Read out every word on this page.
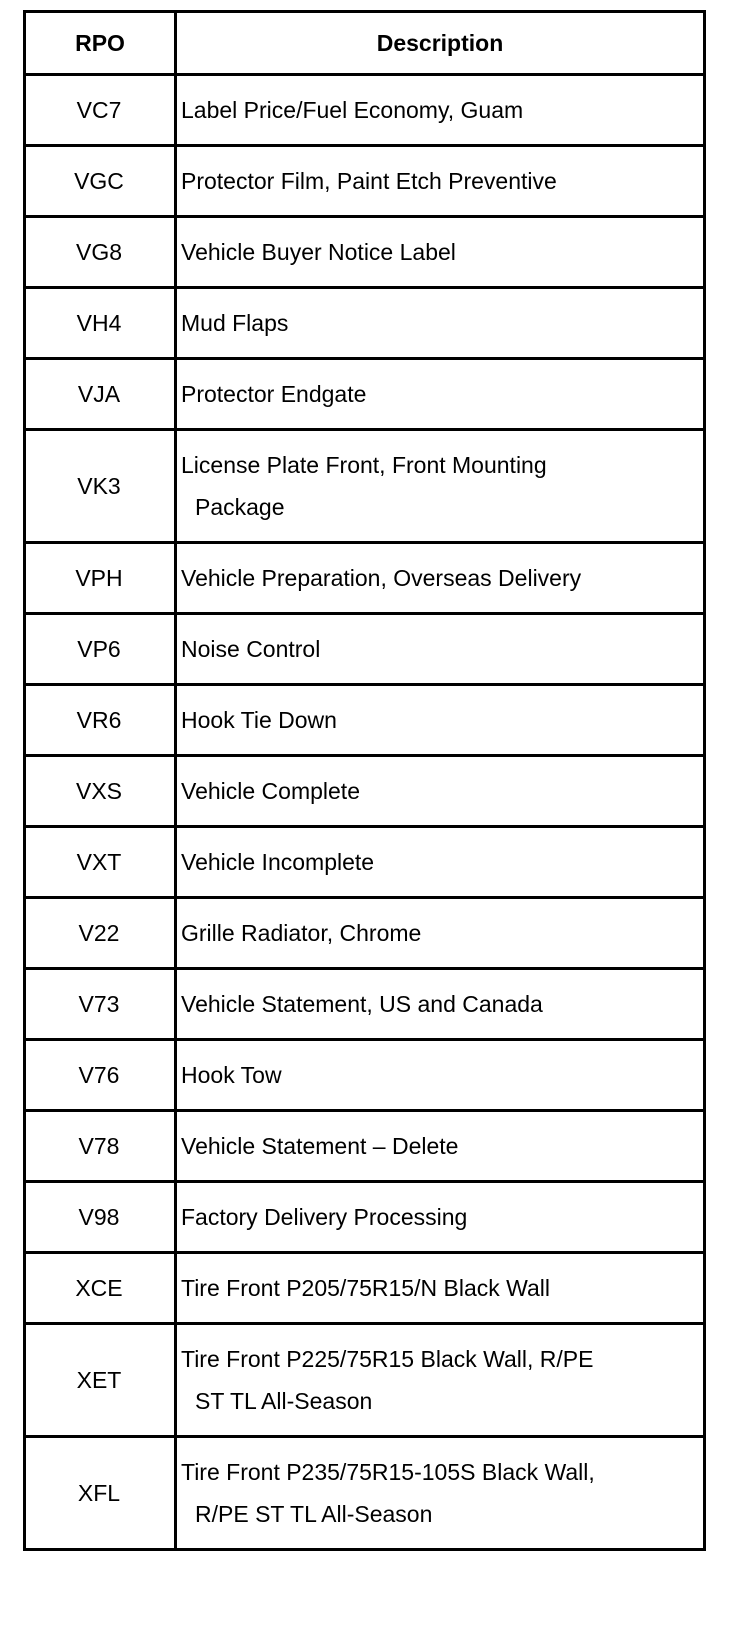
RPO	Description
VC7	Label Price/Fuel Economy, Guam

VGC	Protector Film, Paint Etch Preventive

VG8	Vehicle Buyer Notice Label

VH4	Mud Flaps

VJA	Protector Endgate

VK3	License Plate Front, Front Mounting
Package

VPH	Vehicle Preparation, Overseas Delivery

VP6	Noise Control

VR6	Hook Tie Down

VXS	Vehicle Complete

VXT	Vehicle Incomplete

V22	Grille Radiator, Chrome

V73	Vehicle Statement, US and Canada

V76	Hook Tow

V78	Vehicle Statement – Delete

V98	Factory Delivery Processing

XCE	Tire Front P205/75R15/N Black Wall

XET	Tire Front P225/75R15 Black Wall, R/PE
ST TL All-Season

XFL	Tire Front P235/75R15-105S Black Wall,
R/PE ST TL All-Season
